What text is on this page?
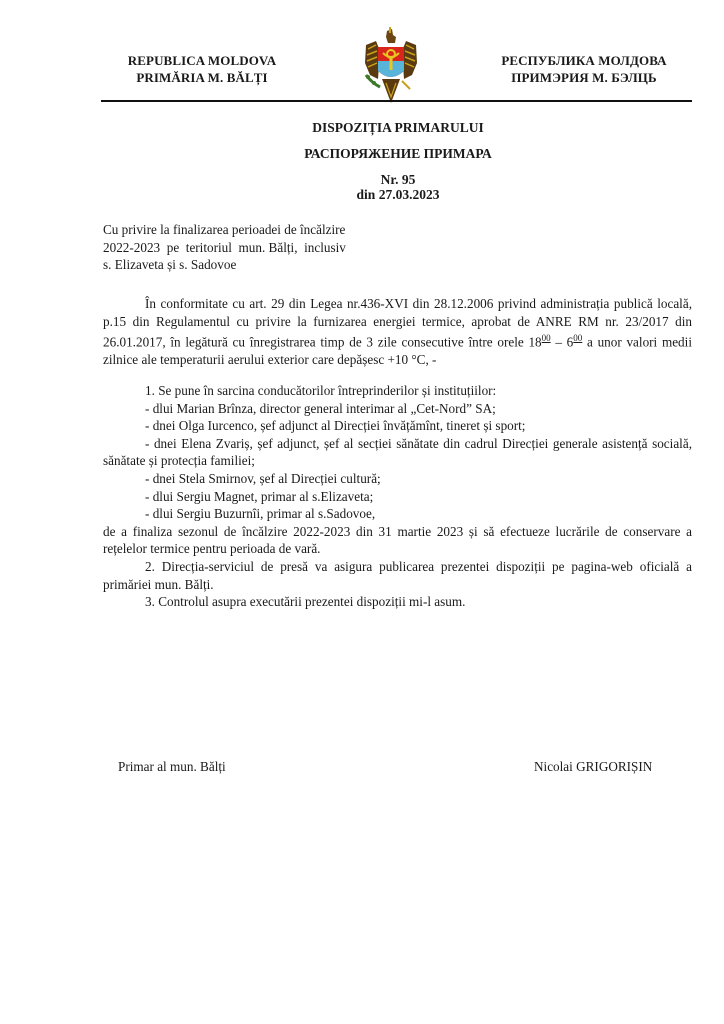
REPUBLICA MOLDOVA
PRIMĂRIA M. BĂLȚI
РЕСПУБЛИКА МОЛДОВА
ПРИМЭРИЯ М. БЭЛЦЬ
DISPOZIȚIA PRIMARULUI
РАСПОРЯЖЕНИЕ ПРИМАРА
Nr. 95
din 27.03.2023
Cu privire la finalizarea perioadei de încălzire
2022-2023  pe  teritoriul  mun. Bălți,  inclusiv
s. Elizaveta și s. Sadovoe
În conformitate cu art. 29 din Legea nr.436-XVI din 28.12.2006 privind administrația publică locală, p.15 din Regulamentul cu privire la furnizarea energiei termice, aprobat de ANRE RM nr. 23/2017 din 26.01.2017, în legătură cu înregistrarea timp de 3 zile consecutive între orele $18^{00} - 6^{00}$ a unor valori medii zilnice ale temperaturii aerului exterior care depășesc +10 °C, -

1. Se pune în sarcina conducătorilor întreprinderilor și instituțiilor:

- dlui Marian Brînza, director general interimar al „Cet-Nord” SA;

- dnei Olga Iurcenco, șef adjunct al Direcției învățămînt, tineret și sport;

- dnei Elena Zvariș, șef adjunct, șef al secției sănătate din cadrul Direcției generale asistență socială, sănătate și protecția familiei;

- dnei Stela Smirnov, șef al Direcției cultură;

- dlui Sergiu Magnet, primar al s.Elizaveta;

- dlui Sergiu Buzurnîi, primar al s.Sadovoe,

de a finaliza sezonul de încălzire 2022-2023 din 31 martie 2023 și să efectueze lucrările de conservare a rețelelor termice pentru perioada de vară.

2. Direcția-serviciul de presă va asigura publicarea prezentei dispoziții pe pagina-web oficială a primăriei mun. Bălți.

3. Controlul asupra executării prezentei dispoziții mi-l asum.

Primar al mun. Bălți	Nicolai GRIGORIȘIN
